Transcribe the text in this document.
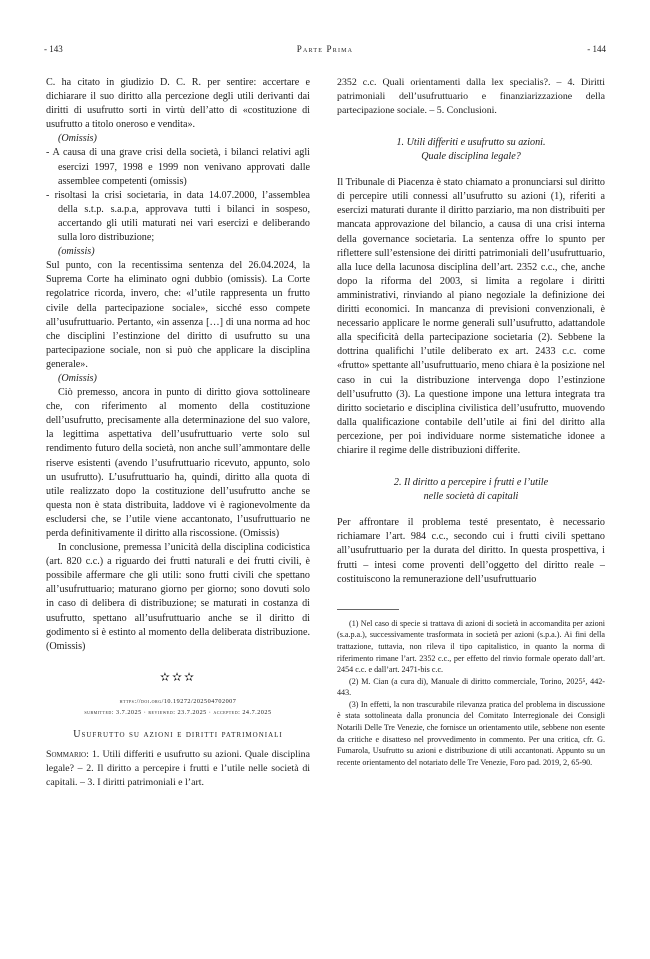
- 143	Parte Prima	- 144

C. ha citato in giudizio D. C. R. per sentire: accertare e dichiarare il suo diritto alla percezione degli utili derivanti dai diritti di usufrutto sorti in virtù dell’atto di «costituzione di usufrutto a titolo oneroso e vendita».

(Omissis)

- A causa di una grave crisi della società, i bilanci relativi agli esercizi 1997, 1998 e 1999 non venivano approvati dalle assemblee competenti (omissis)

- risoltasi la crisi societaria, in data 14.07.2000, l’assemblea della s.t.p. s.a.p.a, approvava tutti i bilanci in sospeso, accertando gli utili maturati nei vari esercizi e deliberando sulla loro distribuzione;

(omissis)

Sul punto, con la recentissima sentenza del 26.04.2024, la Suprema Corte ha eliminato ogni dubbio (omissis). La Corte regolatrice ricorda, invero, che: «l’utile rappresenta un frutto civile della partecipazione sociale», sicché esso compete all’usufruttuario. Pertanto, «in assenza […] di una norma ad hoc che disciplini l’estinzione del diritto di usufrutto su una partecipazione sociale, non si può che applicare la disciplina generale».

(Omissis)

Ciò premesso, ancora in punto di diritto giova sottolineare che, con riferimento al momento della costituzione dell’usufrutto, precisamente alla determinazione del suo valore, la legittima aspettativa dell’usufruttuario verte solo sul rendimento futuro della società, non anche sull’ammontare delle riserve esistenti (avendo l’usufruttuario ricevuto, appunto, solo un usufrutto). L’usufruttuario ha, quindi, diritto alla quota di utile realizzato dopo la costituzione dell’usufrutto anche se questa non è stata distribuita, laddove vi è ragionevolmente da escludersi che, se l’utile viene accantonato, l’usufruttuario ne perda definitivamente il diritto alla riscossione. (Omissis)

In conclusione, premessa l’unicità della disciplina codicistica (art. 820 c.c.) a riguardo dei frutti naturali e dei frutti civili, è possibile affermare che gli utili: sono frutti civili che spettano all’usufruttuario; maturano giorno per giorno; sono dovuti solo in caso di delibera di distribuzione; se maturati in costanza di usufrutto, spettano all’usufruttuario anche se il diritto di godimento si è estinto al momento della deliberata distribuzione. (Omissis)

✫✫✫

https://doi.org/10.19272/202504702007

submitted: 3.7.2025 · reviewed: 23.7.2025 · accepted: 24.7.2025

Usufrutto su azioni e diritti patrimoniali

Sommario: 1. Utili differiti e usufrutto su azioni. Quale disciplina legale? – 2. Il diritto a percepire i frutti e l’utile nelle società di capitali. – 3. I diritti patrimoniali e l’art.

2352 c.c. Quali orientamenti dalla lex specialis?. – 4. Diritti patrimoniali dell’usufruttuario e finanziarizzazione della partecipazione sociale. – 5. Conclusioni.

1. Utili differiti e usufrutto su azioni.

Quale disciplina legale?

Il Tribunale di Piacenza è stato chiamato a pronunciarsi sul diritto di percepire utili connessi all’usufrutto su azioni (1), riferiti a esercizi maturati durante il diritto parziario, ma non distribuiti per mancata approvazione del bilancio, a causa di una crisi interna della governance societaria. La sentenza offre lo spunto per riflettere sull’estensione dei diritti patrimoniali dell’usufruttuario, alla luce della lacunosa disciplina dell’art. 2352 c.c., che, anche dopo la riforma del 2003, si limita a regolare i diritti amministrativi, rinviando al piano negoziale la definizione dei diritti economici. In mancanza di previsioni convenzionali, è necessario applicare le norme generali sull’usufrutto, adattandole alla specificità della partecipazione societaria (2). Sebbene la dottrina qualifichi l’utile deliberato ex art. 2433 c.c. come «frutto» spettante all’usufruttuario, meno chiara è la posizione nel caso in cui la distribuzione intervenga dopo l’estinzione dell’usufrutto (3). La questione impone una lettura integrata tra diritto societario e disciplina civilistica dell’usufrutto, muovendo dalla qualificazione contabile dell’utile ai fini del diritto alla percezione, per poi individuare norme sistematiche idonee a chiarire il regime delle distribuzioni differite.

2. Il diritto a percepire i frutti e l’utile

nelle società di capitali

Per affrontare il problema testé presentato, è necessario richiamare l’art. 984 c.c., secondo cui i frutti civili spettano all’usufruttuario per la durata del diritto. In questa prospettiva, i frutti – intesi come proventi dell’oggetto del diritto reale – costituiscono la remunerazione dell’usufruttuario

(1) Nel caso di specie si trattava di azioni di società in accomandita per azioni (s.a.p.a.), successivamente trasformata in società per azioni (s.p.a.). Ai fini della trattazione, tuttavia, non rileva il tipo capitalistico, in quanto la norma di riferimento rimane l’art. 2352 c.c., per effetto del rinvio formale operato dall’art. 2454 c.c. e dall’art. 2471-bis c.c.

(2) M. Cian (a cura di), Manuale di diritto commerciale, Torino, 2025⁵, 442-443.

(3) In effetti, la non trascurabile rilevanza pratica del problema in discussione è stata sottolineata dalla pronuncia del Comitato Interregionale dei Consigli Notarili Delle Tre Venezie, che fornisce un orientamento utile, sebbene non esente da critiche e disatteso nel provvedimento in commento. Per una critica, cfr. G. Fumarola, Usufrutto su azioni e distribuzione di utili accantonati. Appunto su un recente orientamento del notariato delle Tre Venezie, Foro pad. 2019, 2, 65-90.
